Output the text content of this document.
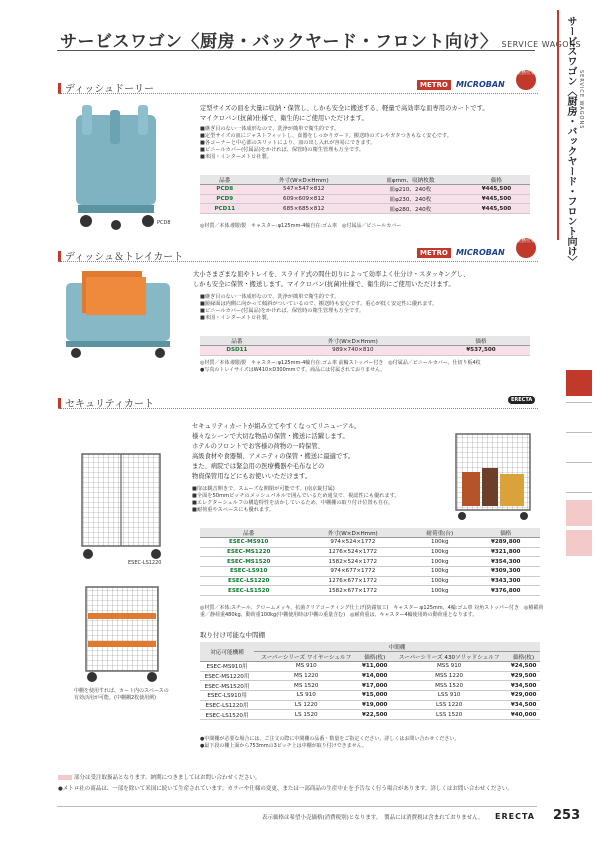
サービスワゴン〈厨房・バックヤード・フロント向け〉 SERVICE WAGONS
サービスワゴン〈厨房・バックヤード・フロント向け〉 SERVICE WAGONS
ディッシュドーリー	METRO MICROBAN
業務仕様
PCD8
定型サイズの皿を大量に収納・保管し、しかも安全に搬送する、軽量で高効率な皿専用のカートです。
マイクロバン(抗菌)仕様で、衛生的にご使用いただけます。
■継ぎ目のない一体成形なので、洗浄が簡単で衛生的です。
■定型サイズの皿にジャストフィットし、食器をしっかりガード。搬送時のズレやガタつきもなく安心です。
■各コーナーと中心部のスリットにより、皿の出し入れが容易にできます。
■ビニールカバー(付属品)をかければ、保管時の衛生管理も万全です。
■米国・インターメトロ社製。
品番	外寸(W×D×Hmm)	皿φmm、収納枚数	価格
PCD8	547×547×812	皿φ210、240枚	¥445,500
PCD9	609×609×812	皿φ230、240枚	¥445,500
PCD11	685×685×812	皿φ280、240枚	¥445,500
◎材質／本体:樹脂製　キャスター:φ125mm-4輪自在:ゴム車　◎付属品／ビニールカバー
ディッシュ＆トレイカート	METRO MICROBAN
業務仕様
大小さまざまな皿やトレイを、スライド式の間仕切りによって効率よく仕分け・スタッキングし、
しかも安全に保管・搬送します。マイクロバン(抗菌)仕様で、衛生的にご使用いただけます。
■継ぎ目のない一体成形なので、洗浄が簡単で衛生的です。
■鏡縁面は内側に向かって傾斜がついているので、搬送時も安心です。重心が低く安定性に優れます。
■ビニールカバー(付属品)をかければ、保管時の衛生管理も万全です。
■米国・インターメトロ社製。
品番	外寸(W×D×Hmm)	価格
DSD11	989×740×810	¥537,500
◎材質／本体:樹脂製　キャスター:φ125mm-4輪自在:ゴム車 前輪ストッパー付き　◎付属品／ビニールカバー、仕切り板4枚
●写真のトレイサイズはW410×D300mmです。商品には付属されておりません。
セキュリティカート	ERECTA
ESEC-LS1220
中棚を使用すれば、カート内のスペースの
有効活用が可能。(中棚棚2枚使用例)
セキュリティカートが組み立てやすくなってリニューアル。
様々なシーンで大切な物品の保管・搬送に活躍します。
ホテルのフロントでお客様の荷物の一時保管、
高級食材や食器類、アメニティの保管・搬送に最適です。
また、病院では緊急用の医療機器や毛布などの
物資保管用などにもお使いいただけます。
■扉は観音開きで、スムーズな開閉が可能です。(南京錠付属)
■全面を50mmピッチのメッシュパネルで囲んでいるため通気で、視認性にも優れます。
■エレクターシェルフの構造特性を活かしているため、中棚棚の取り付け位置も自在。
■耐荷重やスペースにも優れます。
品番	外寸(W×D×Hmm)	耐荷重(台)	価格
ESEC-MS910	974×524×1772	100kg	¥289,800
ESEC-MS1220	1276×524×1772	100kg	¥321,800
ESEC-MS1520	1582×524×1772	100kg	¥354,300
ESEC-LS910	974×677×1772	100kg	¥309,300
ESEC-LS1220	1276×677×1772	100kg	¥343,300
ESEC-LS1520	1582×677×1772	100kg	¥376,800
◎材質／本体:スチール、クロームメッキ、抗菌クリアコーティング仕上げ(防錆加工)　キャスター:φ125mm、4輪:ゴム車 対角ストッパー付き　◎積載荷重／静荷重480kg、動荷重100kg(中棚使用時は中棚の重量含む)　◎耐荷重は、キャスター4輪使用時の動荷重となります。
取り付け可能な中間棚
対応可能機種	中間棚			
	スーパーシリーズ ワイヤーシェルフ	価格(枚)	スーパーシリーズ 430ソリッドシェルフ	価格(枚)
ESEC-MS910用	MS 910	¥11,000	MSS 910	¥24,500
ESEC-MS1220用	MS 1220	¥14,000	MSS 1220	¥29,500
ESEC-MS1520用	MS 1520	¥17,000	MSS 1520	¥34,500
ESEC-LS910用	LS 910	¥15,000	LSS 910	¥29,000
ESEC-LS1220用	LS 1220	¥19,000	LSS 1220	¥34,500
ESEC-LS1520用	LS 1520	¥22,500	LSS 1520	¥40,000
●中間棚が必要な場合には、ご注文の際に中間棚の品番・数量をご指定ください。詳しくはお問い合わせください。
●最下段の棚上面から753mmの3ピッチ上は中棚が取り付けできません。
部分は受注取扱品となります。納期につきましてはお問い合わせください。
●メトロ社の商品は、一部を除いて米国に続いて生産されています。カラーや仕様の変更、または一部商品の生産中止を予告なく行う場合があります。詳しくはお問い合わせください。
表示価格は希望小売価格(消費税別)となります。　製品には消費税は含まれておりません。 ERECTA 253
